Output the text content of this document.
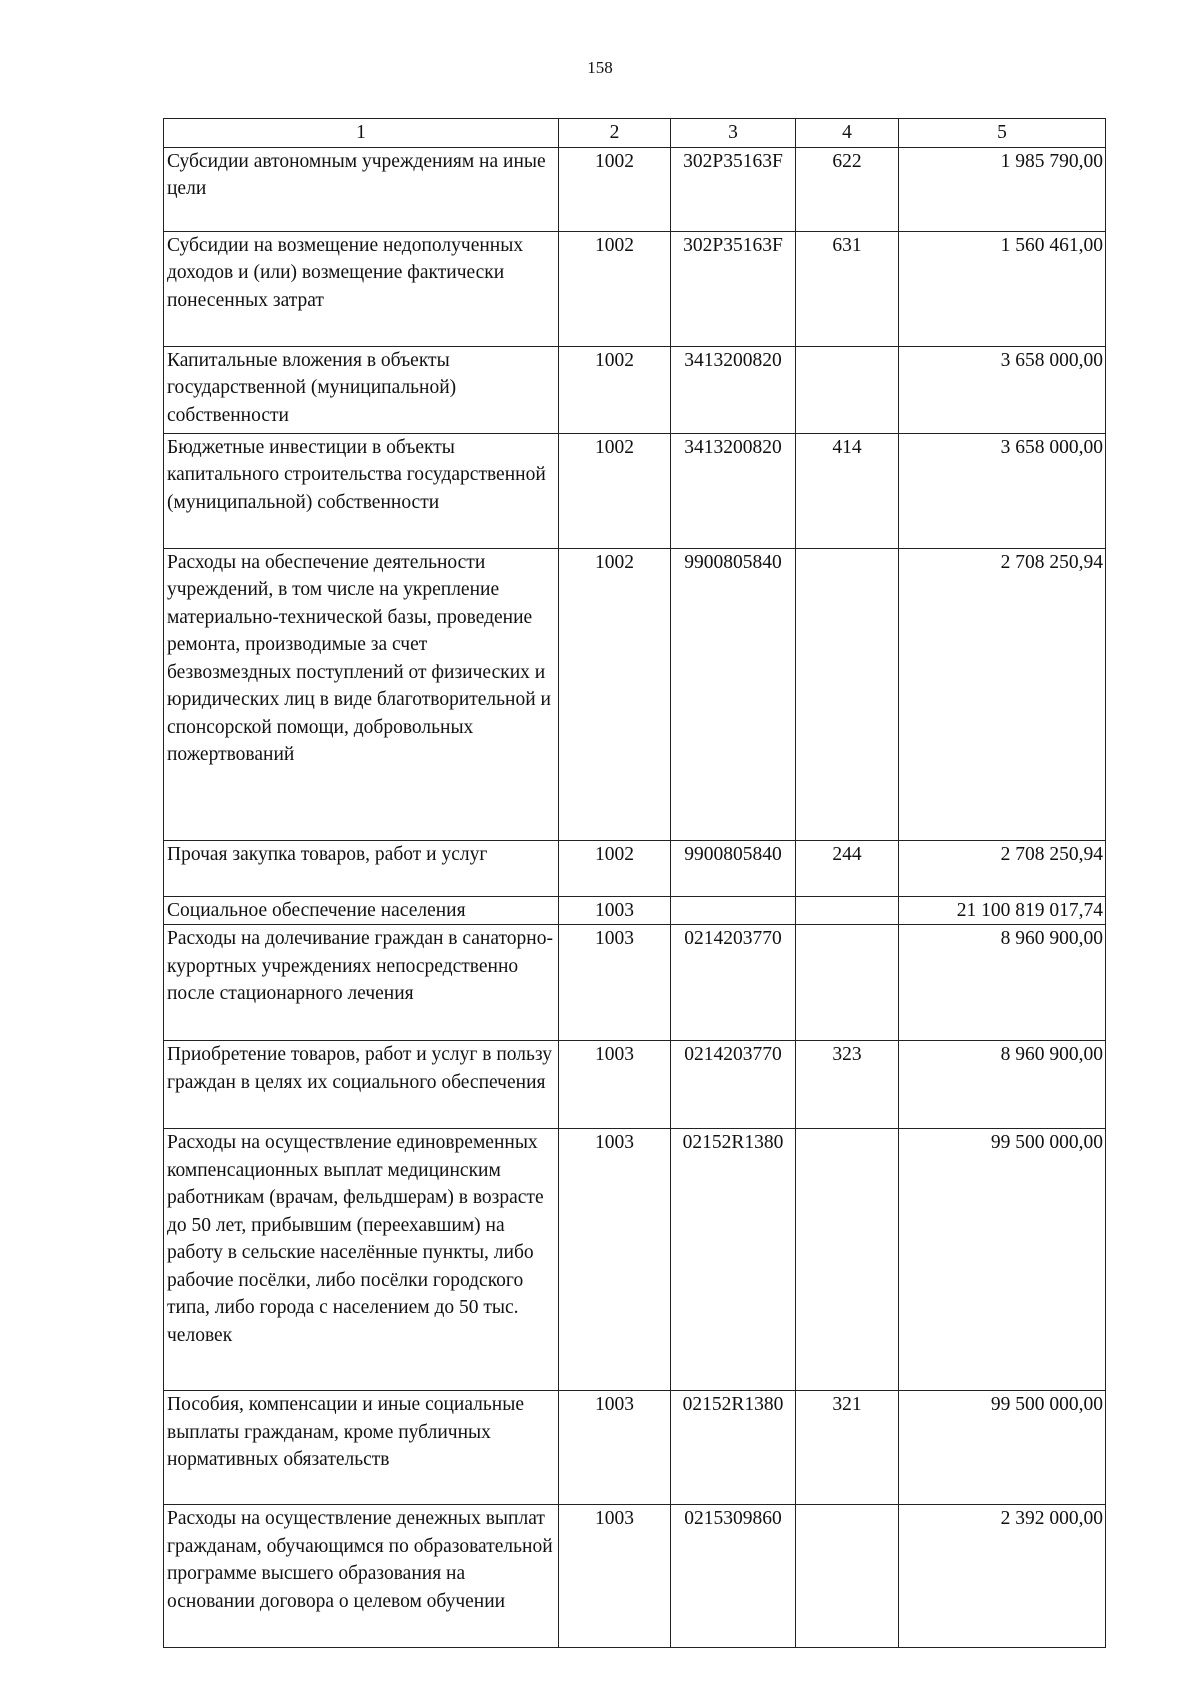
158
1	2	3	4	5
Субсидии автономным учреждениям на иные цели	1002	302P35163F	622	1 985 790,00
Субсидии на возмещение недополученных доходов и (или) возмещение фактически понесенных затрат	1002	302P35163F	631	1 560 461,00
Капитальные вложения в объекты государственной (муниципальной) собственности	1002	3413200820		3 658 000,00
Бюджетные инвестиции в объекты капитального строительства государственной (муниципальной) собственности	1002	3413200820	414	3 658 000,00
Расходы на обеспечение деятельности учреждений, в том числе на укрепление материально-технической базы, проведение ремонта, производимые за счет безвозмездных поступлений от физических и юридических лиц в виде благотворительной и спонсорской помощи, добровольных пожертвований	1002	9900805840		2 708 250,94
Прочая закупка товаров, работ и услуг	1002	9900805840	244	2 708 250,94
Социальное обеспечение населения	1003			21 100 819 017,74
Расходы на долечивание граждан в санаторно-курортных учреждениях непосредственно после стационарного лечения	1003	0214203770		8 960 900,00
Приобретение товаров, работ и услуг в пользу граждан в целях их социального обеспечения	1003	0214203770	323	8 960 900,00
Расходы на осуществление единовременных компенсационных выплат медицинским работникам (врачам, фельдшерам) в возрасте до 50 лет, прибывшим (переехавшим) на работу в сельские населённые пункты, либо рабочие посёлки, либо посёлки городского типа, либо города с населением до 50 тыс. человек	1003	02152R1380		99 500 000,00
Пособия, компенсации и иные социальные выплаты гражданам, кроме публичных нормативных обязательств	1003	02152R1380	321	99 500 000,00
Расходы на осуществление денежных выплат гражданам, обучающимся по образовательной программе высшего образования на основании договора о целевом обучении	1003	0215309860		2 392 000,00
